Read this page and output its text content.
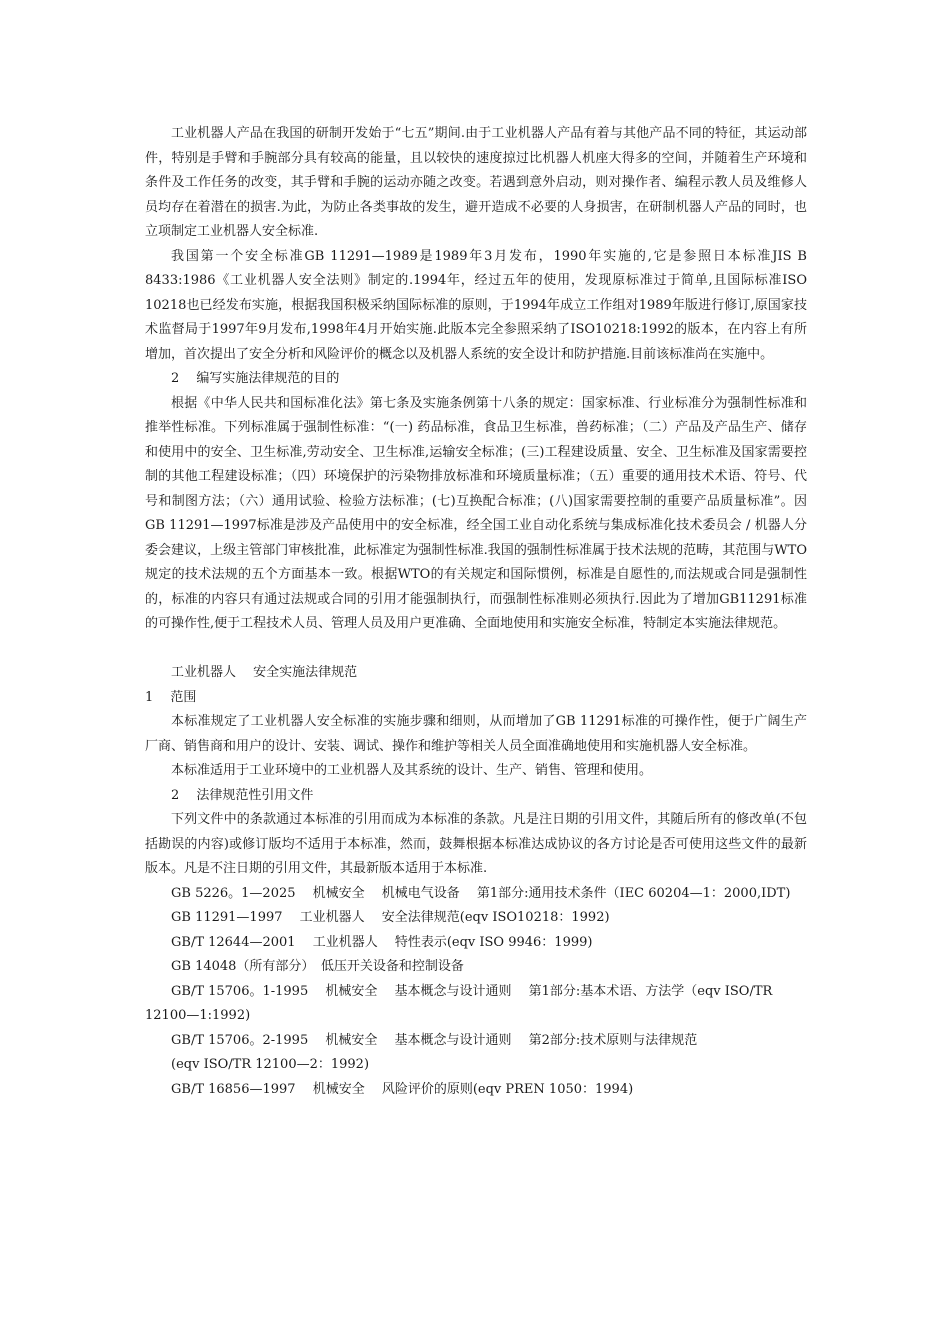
工业机器人产品在我国的研制开发始于“七五”期间.由于工业机器人产品有着与其他产品不同的特征，其运动部件，特别是手臂和手腕部分具有较高的能量，且以较快的速度掠过比机器人机座大得多的空间，并随着生产环境和条件及工作任务的改变，其手臂和手腕的运动亦随之改变。若遇到意外启动，则对操作者、编程示教人员及维修人员均存在着潜在的损害.为此，为防止各类事故的发生，避开造成不必要的人身损害，在研制机器人产品的同时，也立项制定工业机器人安全标准.

我国第一个安全标准GB 11291—1989是1989年3月发布，1990年实施的,它是参照日本标准JIS B 8433:1986《工业机器人安全法则》制定的.1994年，经过五年的使用，发现原标准过于简单,且国际标准ISO 10218也已经发布实施，根据我国积极采纳国际标准的原则，于1994年成立工作组对1989年版进行修订,原国家技术监督局于1997年9月发布,1998年4月开始实施.此版本完全参照采纳了ISO10218:1992的版本，在内容上有所增加，首次提出了安全分析和风险评价的概念以及机器人系统的安全设计和防护措施.目前该标准尚在实施中。

2　 编写实施法律规范的目的

根据《中华人民共和国标准化法》第七条及实施条例第十八条的规定：国家标准、行业标准分为强制性标准和推举性标准。下列标准属于强制性标准：“(一) 药品标准，食品卫生标准，兽药标准；（二）产品及产品生产、储存和使用中的安全、卫生标准,劳动安全、卫生标准,运输安全标准；(三)工程建设质量、安全、卫生标准及国家需要控制的其他工程建设标准；（四）环境保护的污染物排放标准和环境质量标准；（五）重要的通用技术术语、符号、代号和制图方法；（六）通用试验、检验方法标准；(七)互换配合标准；(八)国家需要控制的重要产品质量标准”。因GB 11291—1997标准是涉及产品使用中的安全标准，经全国工业自动化系统与集成标准化技术委员会 / 机器人分委会建议，上级主管部门审核批准，此标准定为强制性标准.我国的强制性标准属于技术法规的范畴，其范围与WTO规定的技术法规的五个方面基本一致。根据WTO的有关规定和国际惯例，标准是自愿性的,而法规或合同是强制性的，标准的内容只有通过法规或合同的引用才能强制执行，而强制性标准则必须执行.因此为了增加GB11291标准的可操作性,便于工程技术人员、管理人员及用户更准确、全面地使用和实施安全标准，特制定本实施法律规范。

工业机器人　 安全实施法律规范

1　 范围

本标准规定了工业机器人安全标准的实施步骤和细则，从而增加了GB 11291标准的可操作性，便于广阔生产厂商、销售商和用户的设计、安装、调试、操作和维护等相关人员全面准确地使用和实施机器人安全标准。

本标准适用于工业环境中的工业机器人及其系统的设计、生产、销售、管理和使用。

2　 法律规范性引用文件

下列文件中的条款通过本标准的引用而成为本标准的条款。凡是注日期的引用文件，其随后所有的修改单(不包括勘误的内容)或修订版均不适用于本标准，然而，鼓舞根据本标准达成协议的各方讨论是否可使用这些文件的最新版本。凡是不注日期的引用文件，其最新版本适用于本标准.

GB 5226。1—2025　 机械安全　 机械电气设备　 第1部分:通用技术条件（IEC 60204—1：2000,IDT)

GB 11291—1997　 工业机器人　 安全法律规范(eqv ISO10218：1992)

GB/T 12644—2001　 工业机器人　 特性表示(eqv ISO 9946：1999)

GB 14048（所有部分）　低压开关设备和控制设备

GB/T 15706。1-1995　 机械安全　 基本概念与设计通则　 第1部分:基本术语、方法学（eqv ISO/TR 12100—1:1992)

GB/T 15706。2-1995　 机械安全　 基本概念与设计通则　 第2部分:技术原则与法律规范

(eqv ISO/TR 12100—2：1992)

GB/T 16856—1997　 机械安全　 风险评价的原则(eqv PREN 1050：1994)
